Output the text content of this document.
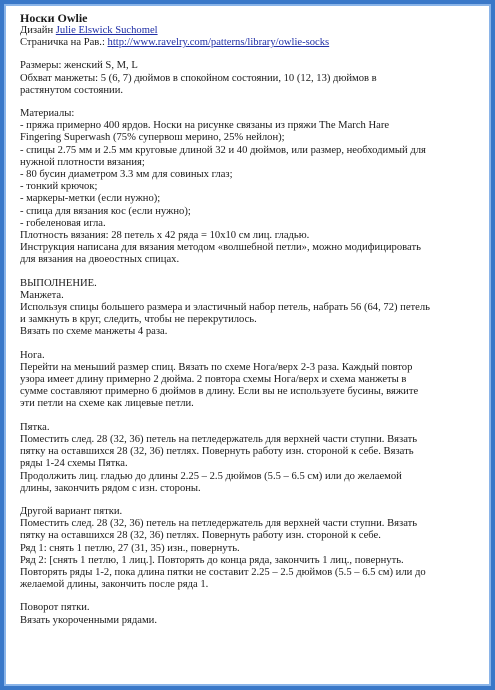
Носки Owlie

Дизайн Julie Elswick Suchomel

Страничка на Рав.: http://www.ravelry.com/patterns/library/owlie-socks

Размеры: женский S, M, L

Обхват манжеты: 5 (6, 7) дюймов в спокойном состоянии, 10 (12, 13) дюймов в

растянутом состоянии.

Материалы:

- пряжа примерно 400 ярдов. Носки на рисунке связаны из пряжи The March Hare

Fingering Superwash (75% супервош мерино, 25% нейлон);

- спицы 2.75 мм и 2.5 мм круговые длиной 32 и 40 дюймов, или размер, необходимый для

нужной плотности вязания;

- 80 бусин диаметром 3.3 мм для совиных глаз;

- тонкий крючок;

- маркеры-метки (если нужно);

- спица для вязания кос (если нужно);

- гобеленовая игла.

Плотность вязания: 28 петель х 42 ряда = 10х10 см лиц. гладью.

Инструкция написана для вязания методом «волшебной петли», можно модифицировать

для вязания на двоеостных спицах.

ВЫПОЛНЕНИЕ.

Манжета.

Используя спицы большего размера и эластичный набор петель, набрать 56 (64, 72) петель

и замкнуть в круг, следить, чтобы не перекрутилось.

Вязать по схеме манжеты 4 раза.

Нога.

Перейти на меньший размер спиц. Вязать по схеме Нога/верх 2-3 раза. Каждый повтор

узора имеет длину примерно 2 дюйма. 2 повтора схемы Нога/верх и схема манжеты в

сумме составляют примерно 6 дюймов в длину. Если вы не используете бусины, вяжите

эти петли на схеме как лицевые петли.

Пятка.

Поместить след. 28 (32, 36) петель на петледержатель для верхней части ступни. Вязать

пятку на оставшихся 28 (32, 36) петлях. Повернуть работу изн. стороной к себе. Вязать

ряды 1-24 схемы Пятка.

Продолжить лиц. гладью до длины 2.25 – 2.5 дюймов (5.5 – 6.5 см) или до желаемой

длины, закончить рядом с изн. стороны.

Другой вариант пятки.

Поместить след. 28 (32, 36) петель на петледержатель для верхней части ступни. Вязать

пятку на оставшихся 28 (32, 36) петлях. Повернуть работу изн. стороной к себе.

Ряд 1: снять 1 петлю, 27 (31, 35) изн., повернуть.

Ряд 2: [снять 1 петлю, 1 лиц.]. Повторять до конца ряда, закончить 1 лиц., повернуть.

Повторять ряды 1-2, пока длина пятки не составит 2.25 – 2.5 дюймов (5.5 – 6.5 см) или до

желаемой длины, закончить после ряда 1.

Поворот пятки.

Вязать укороченными рядами.
